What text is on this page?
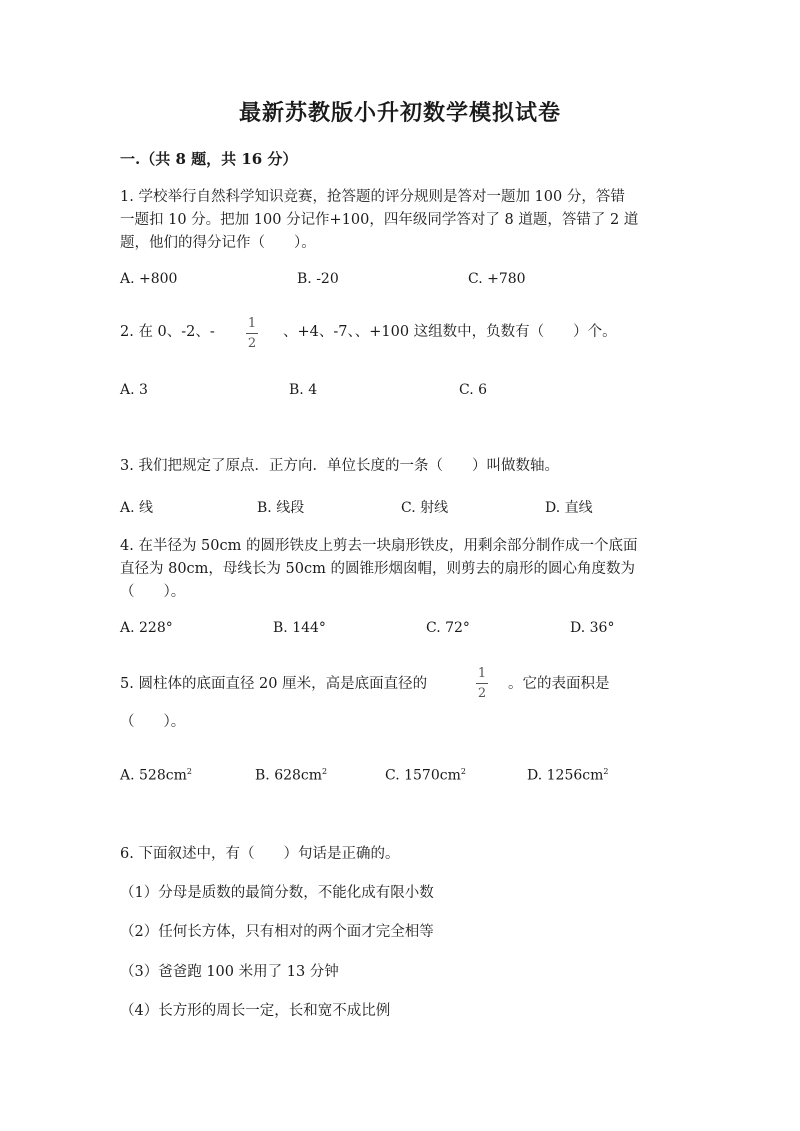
最新苏教版小升初数学模拟试卷
一.（共 8 题，共 16 分）
1. 学校举行自然科学知识竞赛，抢答题的评分规则是答对一题加 100 分，答错
一题扣 10 分。把加 100 分记作+100，四年级同学答对了 8 道题，答错了 2 道
题，他们的得分记作（　　）。
A. +800	B. -20	C. +780
2. 在 0、-2、-
1
2
、+4、-7、、+100 这组数中，负数有（　　）个。
A. 3	B. 4	C. 6
3. 我们把规定了原点．正方向．单位长度的一条（　　）叫做数轴。
A. 线	B. 线段	C. 射线	D. 直线
4. 在半径为 50cm 的圆形铁皮上剪去一块扇形铁皮，用剩余部分制作成一个底面
直径为 80cm，母线长为 50cm 的圆锥形烟囱帽，则剪去的扇形的圆心角度数为
（　　）。
A. 228°	B. 144°	C. 72°	D. 36°
5. 圆柱体的底面直径 20 厘米，高是底面直径的
1
2
。它的表面积是
（　　）。
A. $528cm^2$	B. $628cm^2$	C. $1570cm^2$	D. $1256cm^2$
6. 下面叙述中，有（　　）句话是正确的。
（1）分母是质数的最简分数，不能化成有限小数
（2）任何长方体，只有相对的两个面才完全相等
（3）爸爸跑 100 米用了 13 分钟
（4）长方形的周长一定，长和宽不成比例
